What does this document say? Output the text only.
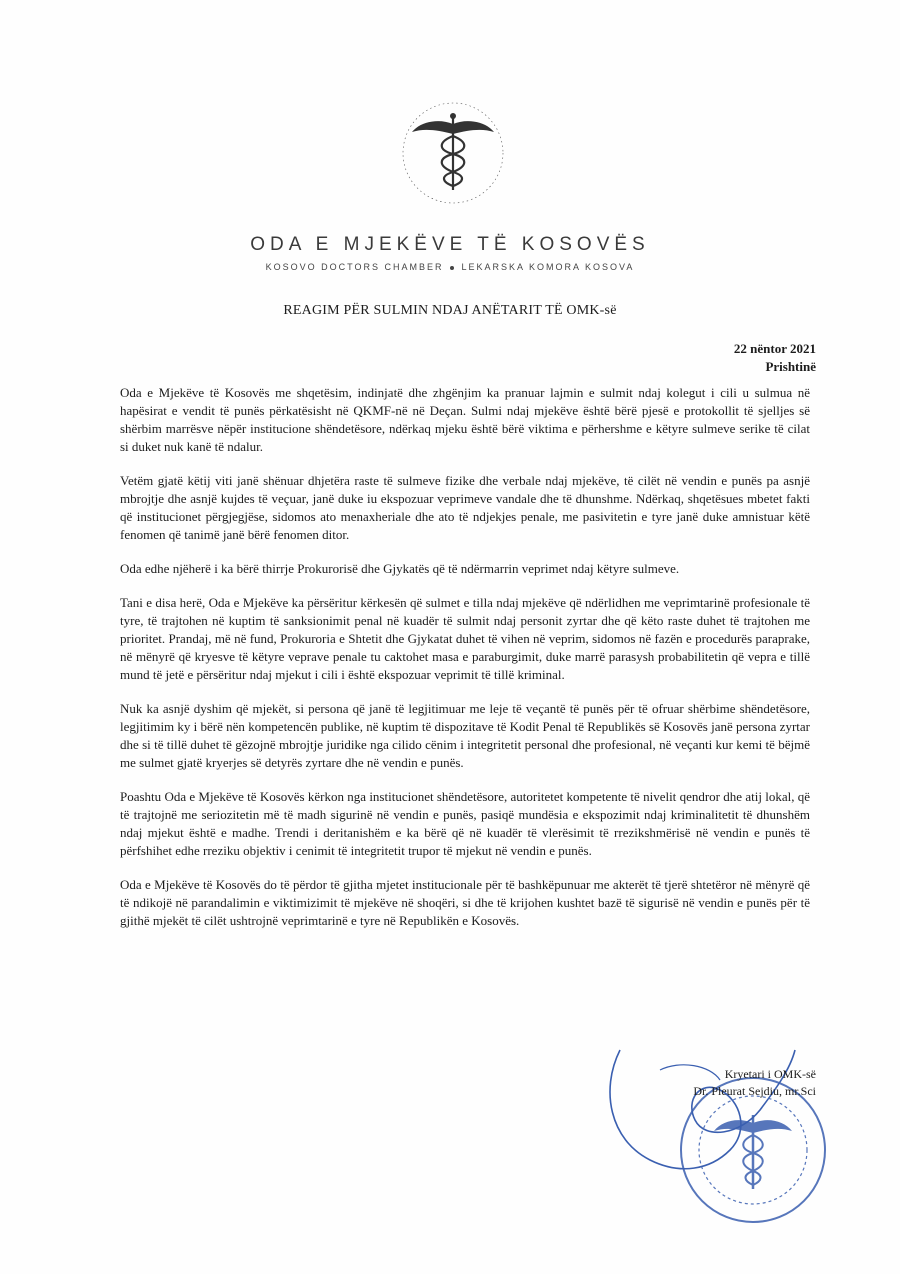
ODA E MJEKËVE TË KOSOVËS
KOSOVO DOCTORS CHAMBER LEKARSKA KOMORA KOSOVA
REAGIM PËR SULMIN NDAJ ANËTARIT TË OMK-së
22 nëntor 2021
Prishtinë

Oda e Mjekëve të Kosovës me shqetësim, indinjatë dhe zhgënjim ka pranuar lajmin e sulmit ndaj kolegut i cili u sulmua në hapësirat e vendit të punës përkatësisht në QKMF-në në Deçan. Sulmi ndaj mjekëve është bërë pjesë e protokollit të sjelljes së shërbim marrësve nëpër institucione shëndetësore, ndërkaq mjeku është bërë viktima e përhershme e këtyre sulmeve serike të cilat si duket nuk kanë të ndalur.

Vetëm gjatë këtij viti janë shënuar dhjetëra raste të sulmeve fizike dhe verbale ndaj mjekëve, të cilët në vendin e punës pa asnjë mbrojtje dhe asnjë kujdes të veçuar, janë duke iu ekspozuar veprimeve vandale dhe të dhunshme. Ndërkaq, shqetësues mbetet fakti që institucionet përgjegjëse, sidomos ato menaxheriale dhe ato të ndjekjes penale, me pasivitetin e tyre janë duke amnistuar këtë fenomen që tanimë janë bërë fenomen ditor.

Oda edhe njëherë i ka bërë thirrje Prokurorisë dhe Gjykatës që të ndërmarrin veprimet ndaj këtyre sulmeve.

Tani e disa herë, Oda e Mjekëve ka përsëritur kërkesën që sulmet e tilla ndaj mjekëve që ndërlidhen me veprimtarinë profesionale të tyre, të trajtohen në kuptim të sanksionimit penal në kuadër të sulmit ndaj personit zyrtar dhe që këto raste duhet të trajtohen me prioritet. Prandaj, më në fund, Prokuroria e Shtetit dhe Gjykatat duhet të vihen në veprim, sidomos në fazën e procedurës paraprake, në mënyrë që kryesve të këtyre veprave penale tu caktohet masa e paraburgimit, duke marrë parasysh probabilitetin që vepra e tillë mund të jetë e përsëritur ndaj mjekut i cili i është ekspozuar veprimit të tillë kriminal.

Nuk ka asnjë dyshim që mjekët, si persona që janë të legjitimuar me leje të veçantë të punës për të ofruar shërbime shëndetësore, legjitimim ky i bërë nën kompetencën publike, në kuptim të dispozitave të Kodit Penal të Republikës së Kosovës janë persona zyrtar dhe si të tillë duhet të gëzojnë mbrojtje juridike nga cilido cënim i integritetit personal dhe profesional, në veçanti kur kemi të bëjmë me sulmet gjatë kryerjes së detyrës zyrtare dhe në vendin e punës.

Poashtu Oda e Mjekëve të Kosovës kërkon nga institucionet shëndetësore, autoritetet kompetente të nivelit qendror dhe atij lokal, që të trajtojnë me seriozitetin më të madh sigurinë në vendin e punës, pasiqë mundësia e ekspozimit ndaj kriminalitetit të dhunshëm ndaj mjekut është e madhe. Trendi i deritanishëm e ka bërë që në kuadër të vlerësimit të rrezikshmërisë në vendin e punës të përfshihet edhe rreziku objektiv i cenimit të integritetit trupor të mjekut në vendin e punës.

Oda e Mjekëve të Kosovës do të përdor të gjitha mjetet institucionale për të bashkëpunuar me akterët të tjerë shtetëror në mënyrë që të ndikojë në parandalimin e viktimizimit të mjekëve në shoqëri, si dhe të krijohen kushtet bazë të sigurisë në vendin e punës për të gjithë mjekët të cilët ushtrojnë veprimtarinë e tyre në Republikën e Kosovës.

Kryetari i OMK-së
Dr. Pleurat Sejdiu, mr.Sci
